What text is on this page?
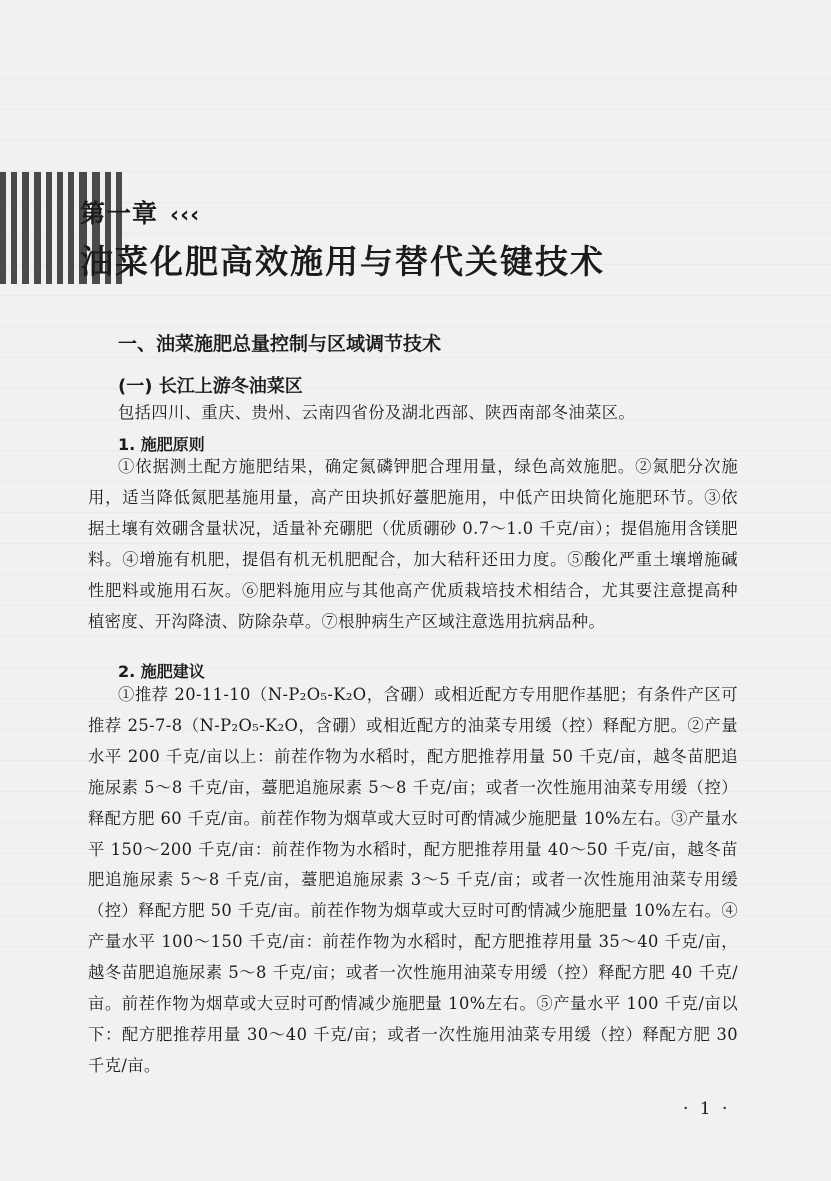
第一章 ‹‹‹
油菜化肥高效施用与替代关键技术
一、油菜施肥总量控制与区域调节技术
(一) 长江上游冬油菜区

包括四川、重庆、贵州、云南四省份及湖北西部、陕西南部冬油菜区。

1. 施肥原则

①依据测土配方施肥结果，确定氮磷钾肥合理用量，绿色高效施肥。②氮肥分次施用，适当降低氮肥基施用量，高产田块抓好薹肥施用，中低产田块简化施肥环节。③依据土壤有效硼含量状况，适量补充硼肥（优质硼砂 0.7～1.0 千克/亩）；提倡施用含镁肥料。④增施有机肥，提倡有机无机肥配合，加大秸秆还田力度。⑤酸化严重土壤增施碱性肥料或施用石灰。⑥肥料施用应与其他高产优质栽培技术相结合，尤其要注意提高种植密度、开沟降渍、防除杂草。⑦根肿病生产区域注意选用抗病品种。

2. 施肥建议

①推荐 20-11-10（N-P₂O₅-K₂O，含硼）或相近配方专用肥作基肥；有条件产区可推荐 25-7-8（N-P₂O₅-K₂O，含硼）或相近配方的油菜专用缓（控）释配方肥。②产量水平 200 千克/亩以上：前茬作物为水稻时，配方肥推荐用量 50 千克/亩，越冬苗肥追施尿素 5～8 千克/亩，薹肥追施尿素 5～8 千克/亩；或者一次性施用油菜专用缓（控）释配方肥 60 千克/亩。前茬作物为烟草或大豆时可酌情减少施肥量 10%左右。③产量水平 150～200 千克/亩：前茬作物为水稻时，配方肥推荐用量 40～50 千克/亩，越冬苗肥追施尿素 5～8 千克/亩，薹肥追施尿素 3～5 千克/亩；或者一次性施用油菜专用缓（控）释配方肥 50 千克/亩。前茬作物为烟草或大豆时可酌情减少施肥量 10%左右。④产量水平 100～150 千克/亩：前茬作物为水稻时，配方肥推荐用量 35～40 千克/亩，越冬苗肥追施尿素 5～8 千克/亩；或者一次性施用油菜专用缓（控）释配方肥 40 千克/亩。前茬作物为烟草或大豆时可酌情减少施肥量 10%左右。⑤产量水平 100 千克/亩以下：配方肥推荐用量 30～40 千克/亩；或者一次性施用油菜专用缓（控）释配方肥 30 千克/亩。

· 1 ·
